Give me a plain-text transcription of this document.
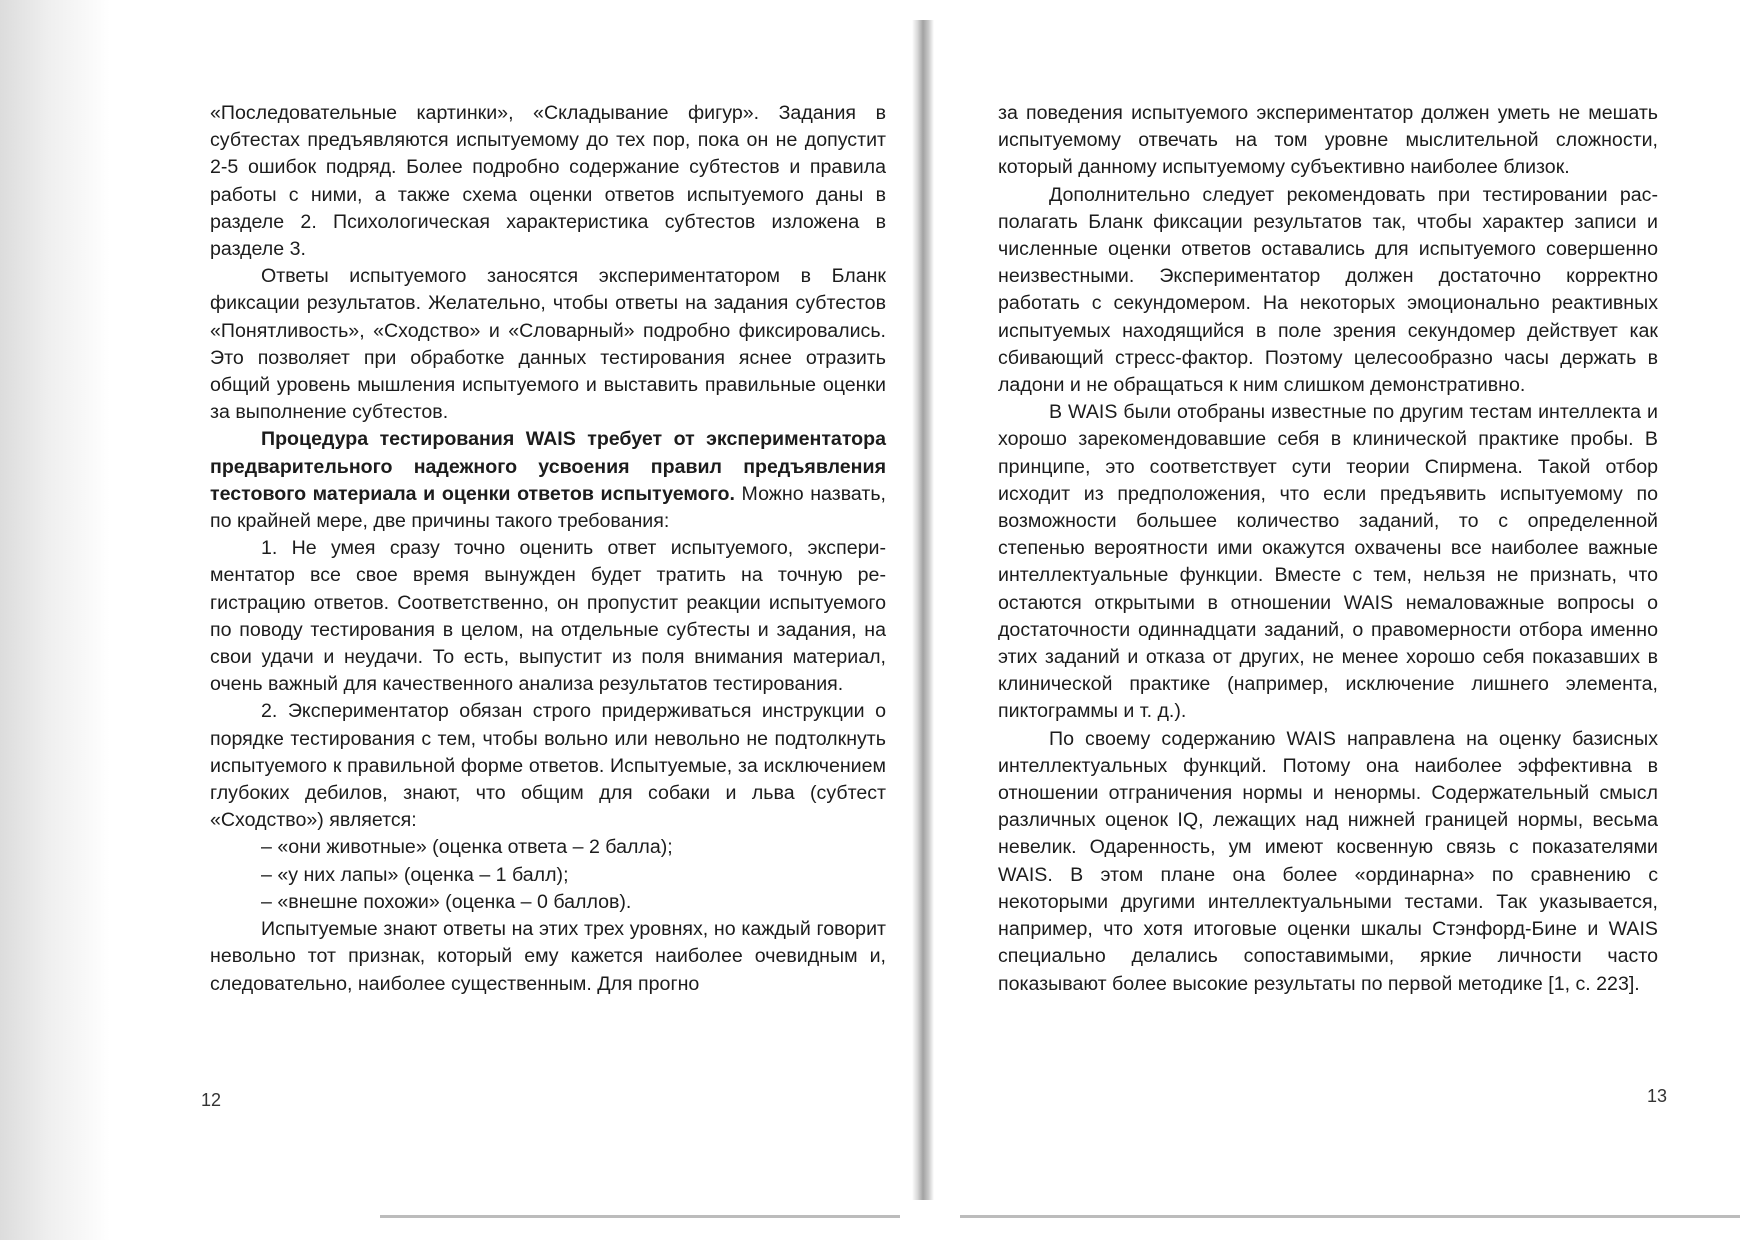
«Последовательные картинки», «Складывание фигур». Задания в субтестах предъявляются испытуемому до тех пор, пока он не допустит 2-5 ошибок подряд. Более подробно содержание субтестов и правила работы с ними, а также схема оценки ответов испытуемого даны в разделе 2. Психологическая характеристика субтестов изложена в разделе 3.

Ответы испытуемого заносятся экспериментатором в Бланк фиксации результатов. Желательно, чтобы ответы на задания субтестов «Понятливость», «Сходство» и «Словарный» подробно фиксировались. Это позволяет при обработке данных тестирования яснее отразить общий уровень мышления испытуемого и выставить правильные оценки за выполнение субтестов.

Процедура тестирования WAIS требует от экспериментатора предварительного надежного усвоения правил предъявления тестового материала и оценки ответов испытуемого. Можно назвать, по крайней мере, две причины такого требования:

1. Не умея сразу точно оценить ответ испытуемого, экспериментатор все свое время вынужден будет тратить на точную регистрацию ответов. Соответственно, он пропустит реакции испытуемого по поводу тестирования в целом, на отдельные субтесты и задания, на свои удачи и неудачи. То есть, выпустит из поля внимания материал, очень важный для качественного анализа результатов тестирования.

2. Экспериментатор обязан строго придерживаться инструкции о порядке тестирования с тем, чтобы вольно или невольно не подтолкнуть испытуемого к правильной форме ответов. Испытуемые, за исключением глубоких дебилов, знают, что общим для собаки и льва (субтест «Сходство») является:

– «они животные» (оценка ответа – 2 балла);

– «у них лапы» (оценка – 1 балл);

– «внешне похожи» (оценка – 0 баллов).

Испытуемые знают ответы на этих трех уровнях, но каждый говорит невольно тот признак, который ему кажется наиболее очевидным и, следовательно, наиболее существенным. Для прогно

12

за поведения испытуемого экспериментатор должен уметь не мешать испытуемому отвечать на том уровне мыслительной сложности, который данному испытуемому субъективно наиболее близок.

Дополнительно следует рекомендовать при тестировании располагать Бланк фиксации результатов так, чтобы характер записи и численные оценки ответов оставались для испытуемого совершенно неизвестными. Экспериментатор должен достаточно корректно работать с секундомером. На некоторых эмоционально реактивных испытуемых находящийся в поле зрения секундомер действует как сбивающий стресс-фактор. Поэтому целесообразно часы держать в ладони и не обращаться к ним слишком демонстративно.

В WAIS были отобраны известные по другим тестам интеллекта и хорошо зарекомендовавшие себя в клинической практике пробы. В принципе, это соответствует сути теории Спирмена. Такой отбор исходит из предположения, что если предъявить испытуемому по возможности большее количество заданий, то с определенной степенью вероятности ими окажутся охвачены все наиболее важные интеллектуальные функции. Вместе с тем, нельзя не признать, что остаются открытыми в отношении WAIS немаловажные вопросы о достаточности одиннадцати заданий, о правомерности отбора именно этих заданий и отказа от других, не менее хорошо себя показавших в клинической практике (например, исключение лишнего элемента, пиктограммы и т. д.).

По своему содержанию WAIS направлена на оценку базисных интеллектуальных функций. Потому она наиболее эффективна в отношении отграничения нормы и ненормы. Содержательный смысл различных оценок IQ, лежащих над нижней границей нормы, весьма невелик. Одаренность, ум имеют косвенную связь с показателями WAIS. В этом плане она более «ординарна» по сравнению с некоторыми другими интеллектуальными тестами. Так указывается, например, что хотя итоговые оценки шкалы Стэнфорд-Бине и WAIS специально делались сопоставимыми, яркие личности часто показывают более высокие результаты по первой методике [1, с. 223].

13
